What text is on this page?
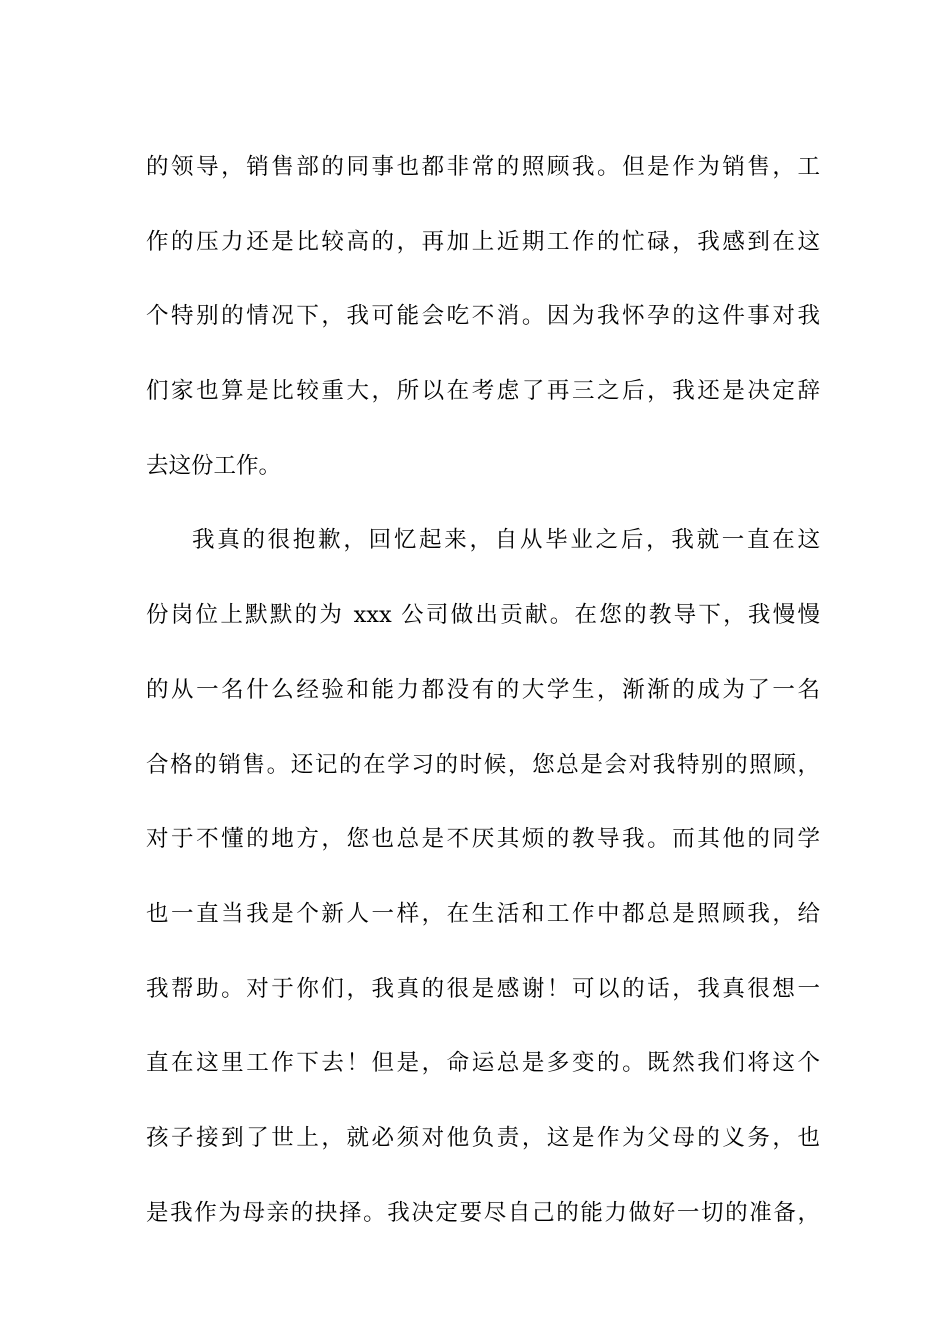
的领导，销售部的同事也都非常的照顾我。但是作为销售，工
作的压力还是比较高的，再加上近期工作的忙碌，我感到在这
个特别的情况下，我可能会吃不消。因为我怀孕的这件事对我
们家也算是比较重大，所以在考虑了再三之后，我还是决定辞
去这份工作。
我真的很抱歉，回忆起来，自从毕业之后，我就一直在这
份岗位上默默的为 xxx 公司做出贡献。在您的教导下，我慢慢
的从一名什么经验和能力都没有的大学生，渐渐的成为了一名
合格的销售。还记的在学习的时候，您总是会对我特别的照顾，
对于不懂的地方，您也总是不厌其烦的教导我。而其他的同学
也一直当我是个新人一样，在生活和工作中都总是照顾我，给
我帮助。对于你们，我真的很是感谢！可以的话，我真很想一
直在这里工作下去！但是，命运总是多变的。既然我们将这个
孩子接到了世上，就必须对他负责，这是作为父母的义务，也
是我作为母亲的抉择。我决定要尽自己的能力做好一切的准备，
